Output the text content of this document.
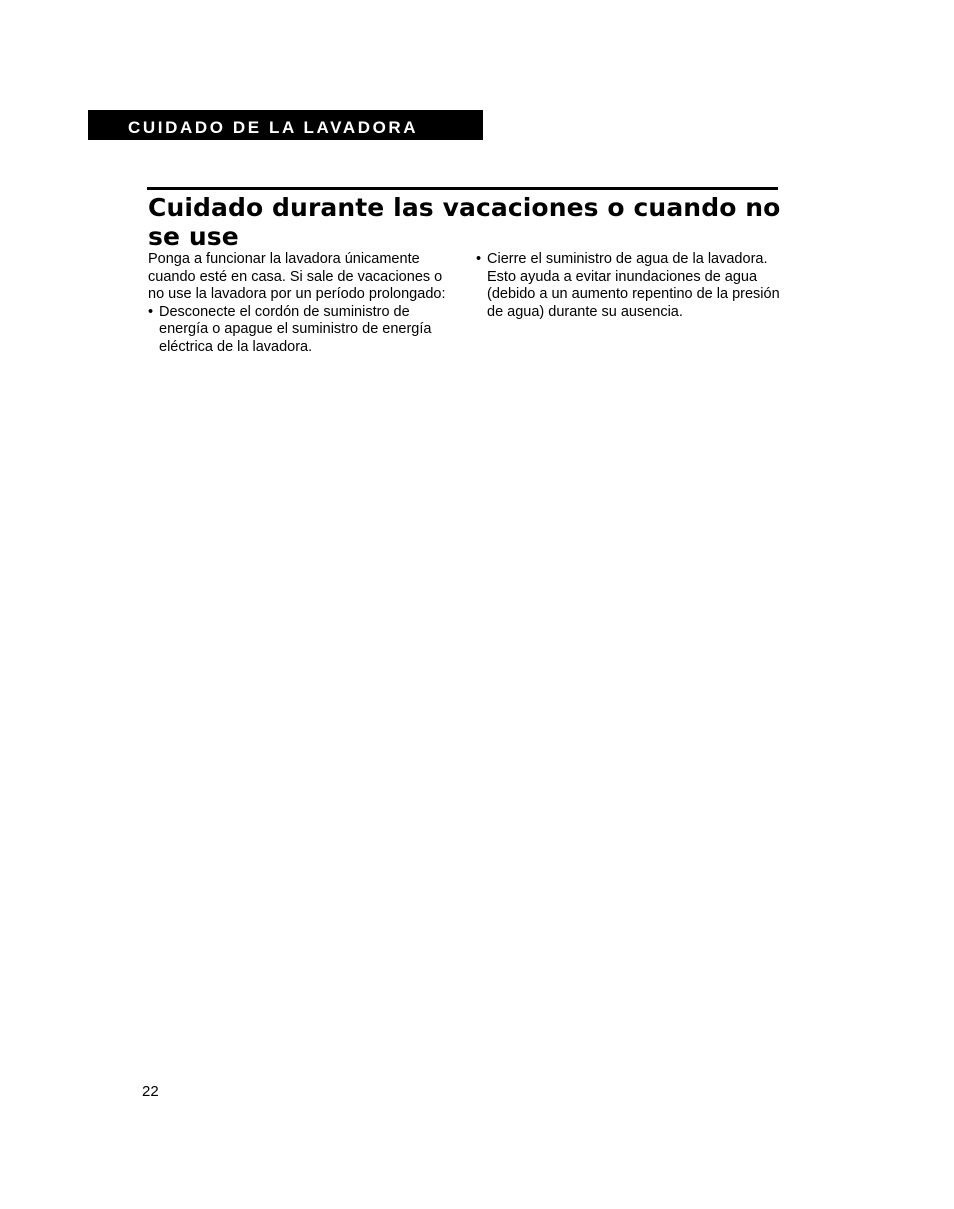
CUIDADO DE LA LAVADORA
Cuidado durante las vacaciones o cuando no se use

Ponga a funcionar la lavadora únicamente cuando esté en casa. Si sale de vacaciones o no use la lavadora por un período prolongado:

• Desconecte el cordón de suministro de energía o apague el suministro de energía eléctrica de la lavadora.
• Cierre el suministro de agua de la lavadora. Esto ayuda a evitar inundaciones de agua (debido a un aumento repentino de la presión de agua) durante su ausencia.
22
